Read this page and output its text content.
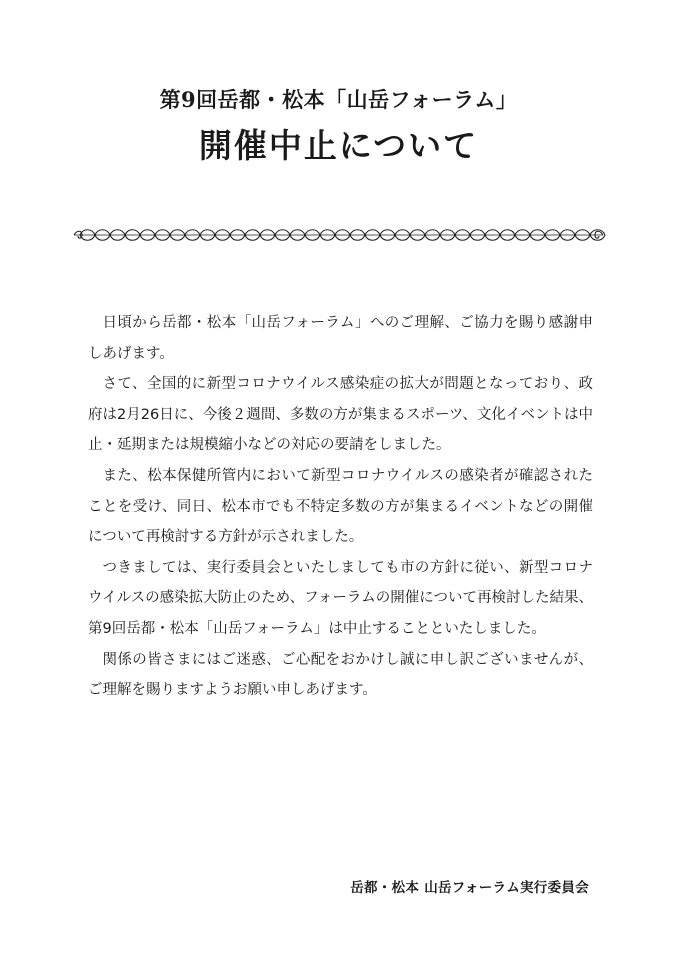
第9回岳都・松本「山岳フォーラム」
開催中止について

日頃から岳都・松本「山岳フォーラム」へのご理解、ご協力を賜り感謝申しあげます。

さて、全国的に新型コロナウイルス感染症の拡大が問題となっており、政府は2月26日に、今後２週間、多数の方が集まるスポーツ、文化イベントは中止・延期または規模縮小などの対応の要請をしました。

また、松本保健所管内において新型コロナウイルスの感染者が確認されたことを受け、同日、松本市でも不特定多数の方が集まるイベントなどの開催について再検討する方針が示されました。

つきましては、実行委員会といたしましても市の方針に従い、新型コロナウイルスの感染拡大防止のため、フォーラムの開催について再検討した結果、第9回岳都・松本「山岳フォーラム」は中止することといたしました。

関係の皆さまにはご迷惑、ご心配をおかけし誠に申し訳ございませんが、ご理解を賜りますようお願い申しあげます。

岳都・松本 山岳フォーラム実行委員会
